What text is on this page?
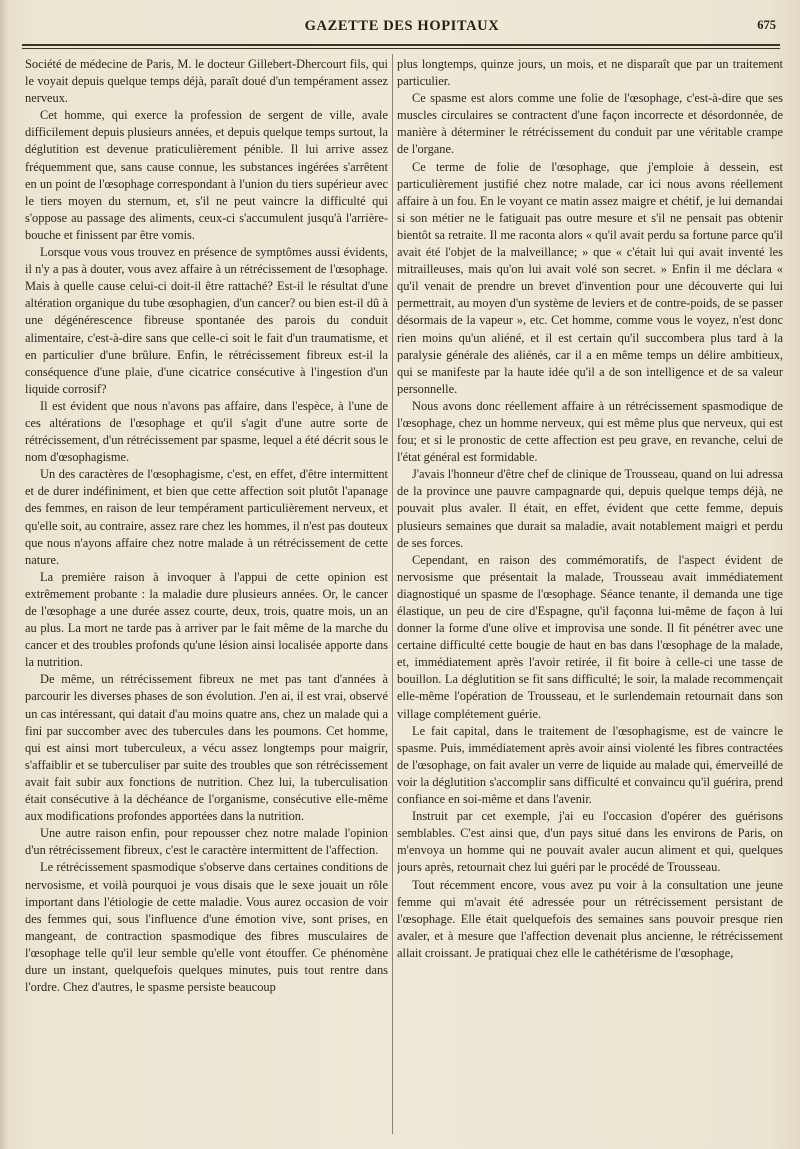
GAZETTE DES HOPITAUX	675

Société de médecine de Paris, M. le docteur Gillebert-Dhercourt fils, qui le voyait depuis quelque temps déjà, paraît doué d'un tempérament assez nerveux.

Cet homme, qui exerce la profession de sergent de ville, avale difficilement depuis plusieurs années, et depuis quelque temps surtout, la déglutition est devenue praticulièrement pénible. Il lui arrive assez fréquemment que, sans cause connue, les substances ingérées s'arrêtent en un point de l'œsophage correspondant à l'union du tiers supérieur avec le tiers moyen du sternum, et, s'il ne peut vaincre la difficulté qui s'oppose au passage des aliments, ceux-ci s'accumulent jusqu'à l'arrière-bouche et finissent par être vomis.

Lorsque vous vous trouvez en présence de symptômes aussi évidents, il n'y a pas à douter, vous avez affaire à un rétrécissement de l'œsophage. Mais à quelle cause celui-ci doit-il être rattaché? Est-il le résultat d'une altération organique du tube œsophagien, d'un cancer? ou bien est-il dû à une dégénérescence fibreuse spontanée des parois du conduit alimentaire, c'est-à-dire sans que celle-ci soit le fait d'un traumatisme, et en particulier d'une brûlure. Enfin, le rétrécissement fibreux est-il la conséquence d'une plaie, d'une cicatrice consécutive à l'ingestion d'un liquide corrosif?

Il est évident que nous n'avons pas affaire, dans l'espèce, à l'une de ces altérations de l'œsophage et qu'il s'agit d'une autre sorte de rétrécissement, d'un rétrécissement par spasme, lequel a été décrit sous le nom d'œsophagisme.

Un des caractères de l'œsophagisme, c'est, en effet, d'être intermittent et de durer indéfiniment, et bien que cette affection soit plutôt l'apanage des femmes, en raison de leur tempérament particulièrement nerveux, et qu'elle soit, au contraire, assez rare chez les hommes, il n'est pas douteux que nous n'ayons affaire chez notre malade à un rétrécissement de cette nature.

La première raison à invoquer à l'appui de cette opinion est extrêmement probante : la maladie dure plusieurs années. Or, le cancer de l'œsophage a une durée assez courte, deux, trois, quatre mois, un an au plus. La mort ne tarde pas à arriver par le fait même de la marche du cancer et des troubles profonds qu'une lésion ainsi localisée apporte dans la nutrition.

De même, un rétrécissement fibreux ne met pas tant d'années à parcourir les diverses phases de son évolution. J'en ai, il est vrai, observé un cas intéressant, qui datait d'au moins quatre ans, chez un malade qui a fini par succomber avec des tubercules dans les poumons. Cet homme, qui est ainsi mort tuberculeux, a vécu assez longtemps pour maigrir, s'affaiblir et se tuberculiser par suite des troubles que son rétrécissement avait fait subir aux fonctions de nutrition. Chez lui, la tuberculisation était consécutive à la déchéance de l'organisme, consécutive elle-même aux modifications profondes apportées dans la nutrition.

Une autre raison enfin, pour repousser chez notre malade l'opinion d'un rétrécissement fibreux, c'est le caractère intermittent de l'affection.

Le rétrécissement spasmodique s'observe dans certaines conditions de nervosisme, et voilà pourquoi je vous disais que le sexe jouait un rôle important dans l'étiologie de cette maladie. Vous aurez occasion de voir des femmes qui, sous l'influence d'une émotion vive, sont prises, en mangeant, de contraction spasmodique des fibres musculaires de l'œsophage telle qu'il leur semble qu'elle vont étouffer. Ce phénomène dure un instant, quelquefois quelques minutes, puis tout rentre dans l'ordre. Chez d'autres, le spasme persiste beaucoup

plus longtemps, quinze jours, un mois, et ne disparaît que par un traitement particulier.

Ce spasme est alors comme une folie de l'œsophage, c'est-à-dire que ses muscles circulaires se contractent d'une façon incorrecte et désordonnée, de manière à déterminer le rétrécissement du conduit par une véritable crampe de l'organe.

Ce terme de folie de l'œsophage, que j'emploie à dessein, est particulièrement justifié chez notre malade, car ici nous avons réellement affaire à un fou. En le voyant ce matin assez maigre et chétif, je lui demandai si son métier ne le fatiguait pas outre mesure et s'il ne pensait pas obtenir bientôt sa retraite. Il me raconta alors « qu'il avait perdu sa fortune parce qu'il avait été l'objet de la malveillance; » que « c'était lui qui avait inventé les mitrailleuses, mais qu'on lui avait volé son secret. » Enfin il me déclara « qu'il venait de prendre un brevet d'invention pour une découverte qui lui permettrait, au moyen d'un système de leviers et de contre-poids, de se passer désormais de la vapeur », etc. Cet homme, comme vous le voyez, n'est donc rien moins qu'un aliéné, et il est certain qu'il succombera plus tard à la paralysie générale des aliénés, car il a en même temps un délire ambitieux, qui se manifeste par la haute idée qu'il a de son intelligence et de sa valeur personnelle.

Nous avons donc réellement affaire à un rétrécissement spasmodique de l'œsophage, chez un homme nerveux, qui est même plus que nerveux, qui est fou; et si le pronostic de cette affection est peu grave, en revanche, celui de l'état général est formidable.

J'avais l'honneur d'être chef de clinique de Trousseau, quand on lui adressa de la province une pauvre campagnarde qui, depuis quelque temps déjà, ne pouvait plus avaler. Il était, en effet, évident que cette femme, depuis plusieurs semaines que durait sa maladie, avait notablement maigri et perdu de ses forces.

Cependant, en raison des commémoratifs, de l'aspect évident de nervosisme que présentait la malade, Trousseau avait immédiatement diagnostiqué un spasme de l'œsophage. Séance tenante, il demanda une tige élastique, un peu de cire d'Espagne, qu'il façonna lui-même de façon à lui donner la forme d'une olive et improvisa une sonde. Il fit pénétrer avec une certaine difficulté cette bougie de haut en bas dans l'œsophage de la malade, et, immédiatement après l'avoir retirée, il fit boire à celle-ci une tasse de bouillon. La déglutition se fit sans difficulté; le soir, la malade recommençait elle-même l'opération de Trousseau, et le surlendemain retournait dans son village complétement guérie.

Le fait capital, dans le traitement de l'œsophagisme, est de vaincre le spasme. Puis, immédiatement après avoir ainsi violenté les fibres contractées de l'œsophage, on fait avaler un verre de liquide au malade qui, émerveillé de voir la déglutition s'accomplir sans difficulté et convaincu qu'il guérira, prend confiance en soi-même et dans l'avenir.

Instruit par cet exemple, j'ai eu l'occasion d'opérer des guérisons semblables. C'est ainsi que, d'un pays situé dans les environs de Paris, on m'envoya un homme qui ne pouvait avaler aucun aliment et qui, quelques jours après, retournait chez lui guéri par le procédé de Trousseau.

Tout récemment encore, vous avez pu voir à la consultation une jeune femme qui m'avait été adressée pour un rétrécissement persistant de l'œsophage. Elle était quelquefois des semaines sans pouvoir presque rien avaler, et à mesure que l'affection devenait plus ancienne, le rétrécissement allait croissant. Je pratiquai chez elle le cathétérisme de l'œsophage,
